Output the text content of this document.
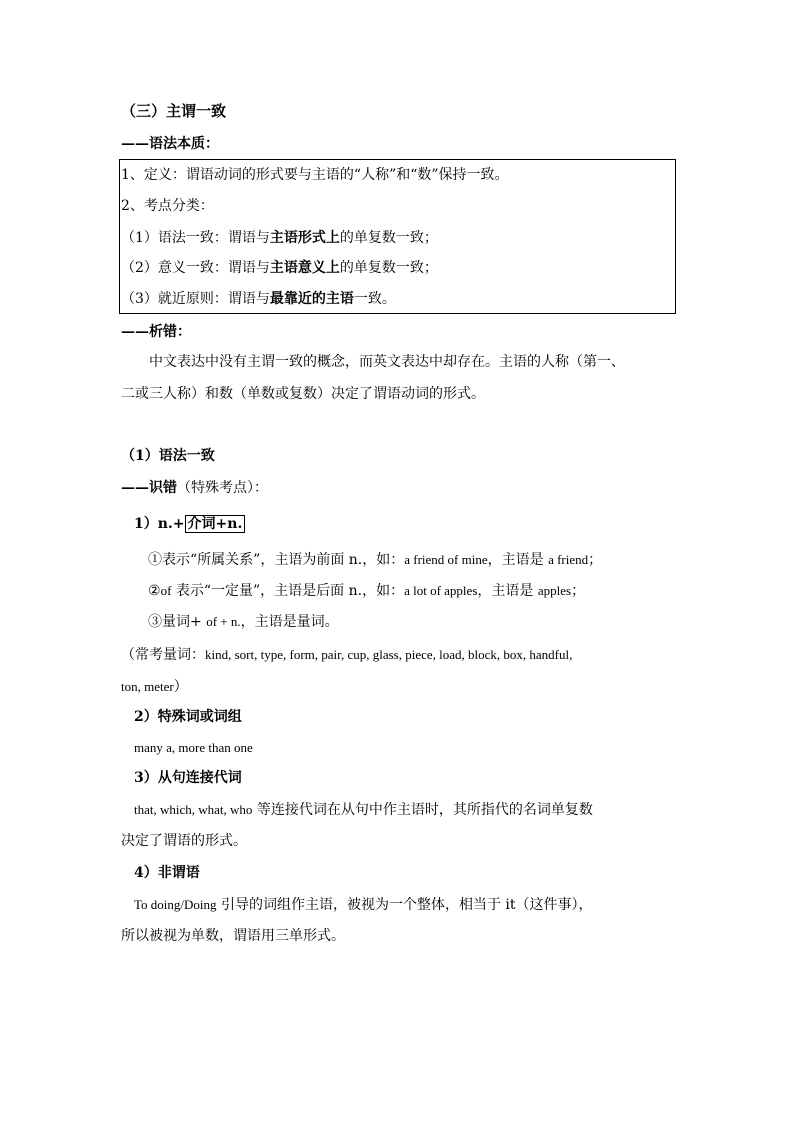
（三）主谓一致
——语法本质：
1、定义：谓语动词的形式要与主语的“人称”和“数”保持一致。
2、考点分类：
（1）语法一致：谓语与主语形式上的单复数一致；
（2）意义一致：谓语与主语意义上的单复数一致；
（3）就近原则：谓语与最靠近的主语一致。
——析错：
中文表达中没有主谓一致的概念，而英文表达中却存在。主语的人称（第一、
二或三人称）和数（单数或复数）决定了谓语动词的形式。
（1）语法一致
——识错（特殊考点）：
1）n.+ 介词+n.
①表示“所属关系”，主语为前面 n.，如：a friend of mine，主语是 a friend；
②of 表示“一定量”，主语是后面 n.，如：a lot of apples，主语是 apples；
③量词+ of + n.，主语是量词。
（常考量词：kind, sort, type, form, pair, cup, glass, piece, load, block, box, handful,
ton, meter）
2）特殊词或词组
many a, more than one
3）从句连接代词
that, which, what, who 等连接代词在从句中作主语时，其所指代的名词单复数
决定了谓语的形式。
4）非谓语
To doing/Doing 引导的词组作主语，被视为一个整体，相当于 it（这件事），
所以被视为单数，谓语用三单形式。
